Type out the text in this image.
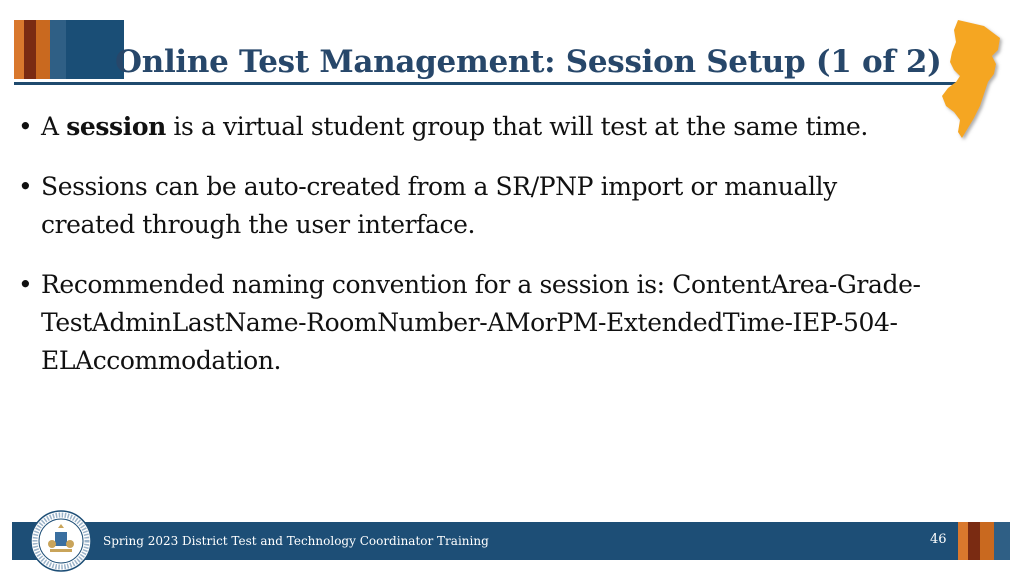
Online Test Management: Session Setup (1 of 2)
• A session is a virtual student group that will test at the same time.
• Sessions can be auto-created from a SR/PNP import or manually created through the user interface.
• Recommended naming convention for a session is: ContentArea-Grade-TestAdminLastName-RoomNumber-AMorPM-ExtendedTime-IEP-504-ELAccommodation.
Spring 2023 District Test and Technology Coordinator Training	46
